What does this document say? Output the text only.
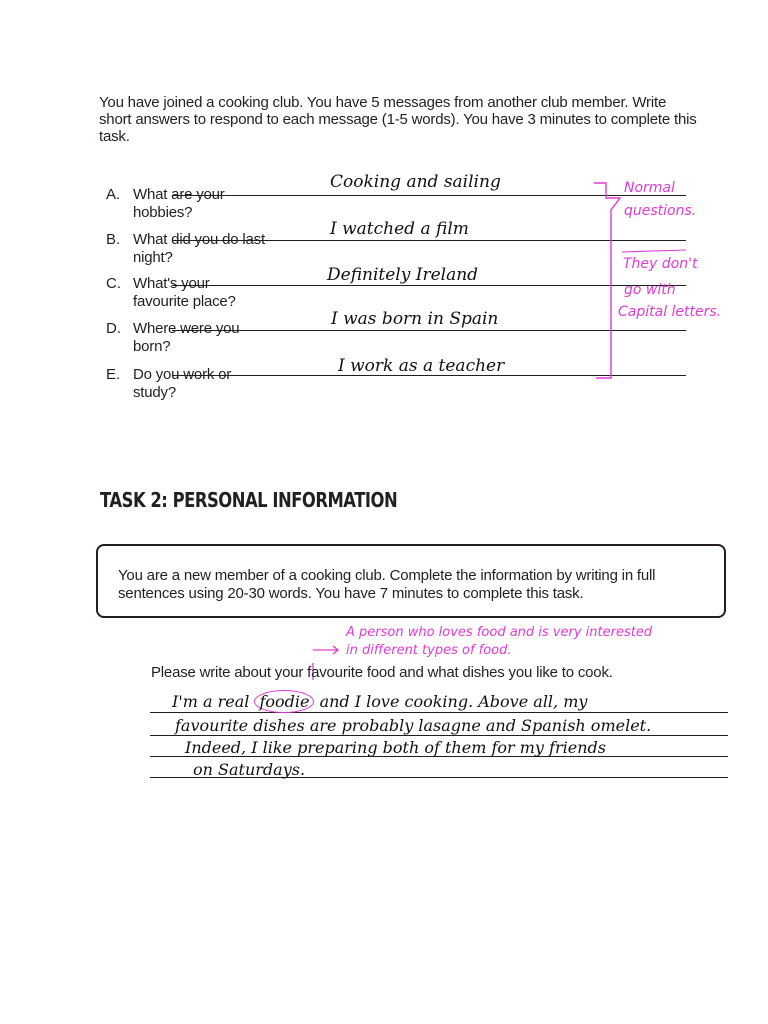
You have joined a cooking club. You have 5 messages from another club member. Write short answers to respond to each message (1-5 words). You have 3 minutes to complete this task.
A. What are your hobbies?
Cooking and sailing
B. What did you do last night?
I watched a film
C. What's your favourite place?
Definitely Ireland
D. Where were you born?
I was born in Spain
E. Do you work or study?
I work as a teacher
Normal
questions.
They don't
go with
Capital letters.
TASK 2: PERSONAL INFORMATION
You are a new member of a cooking club. Complete the information by writing in full sentences using 20-30 words. You have 7 minutes to complete this task.
A person who loves food and is very interested
in different types of food.
Please write about your favourite food and what dishes you like to cook.
I'm a real foodie and I love cooking. Above all, my
favourite dishes are probably lasagne and Spanish omelet.
Indeed, I like preparing both of them for my friends
on Saturdays.
